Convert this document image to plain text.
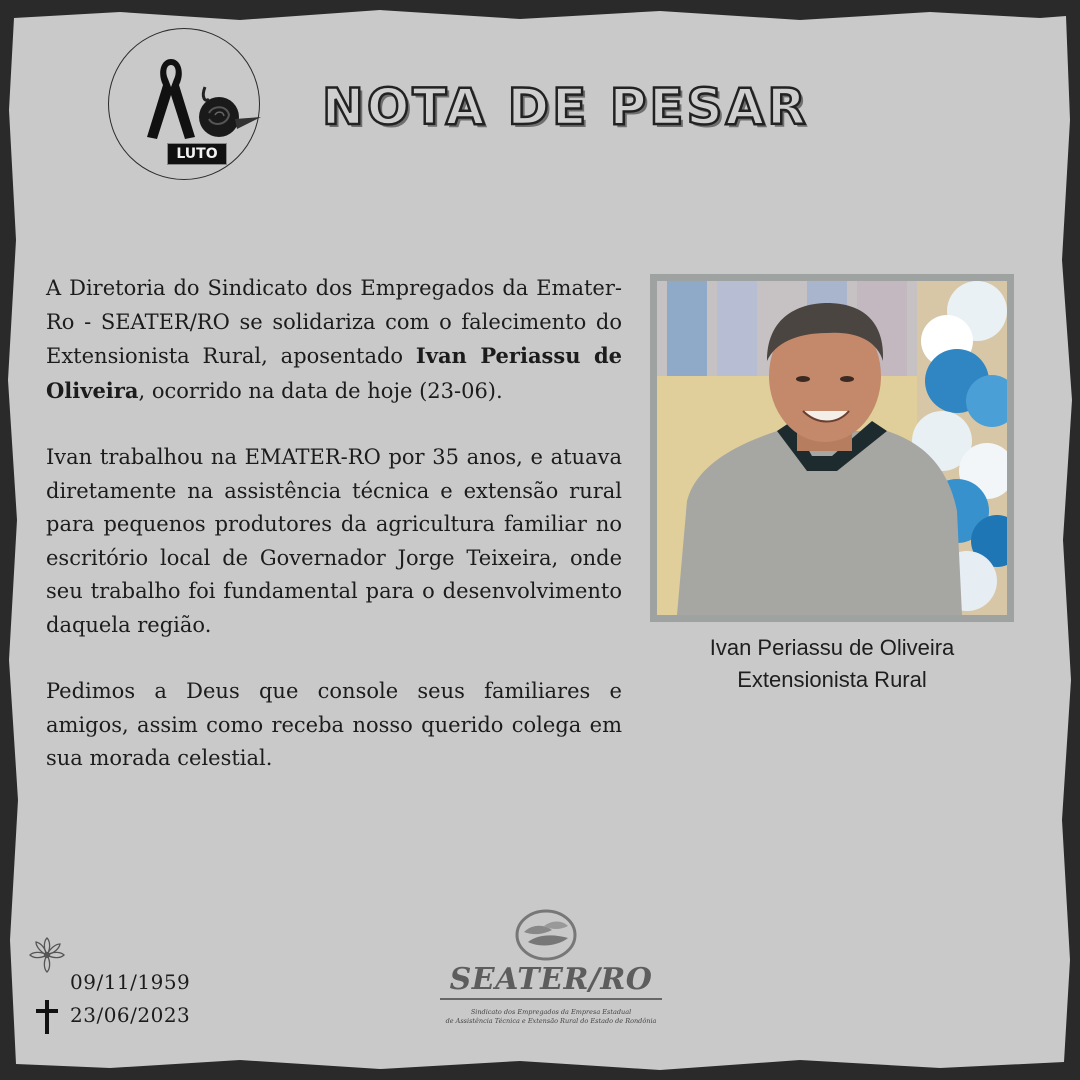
LUTO
NOTA DE PESAR

A Diretoria do Sindicato dos Empregados da Emater-Ro - SEATER/RO se solidariza com o falecimento do Extensionista Rural, aposentado Ivan Periassu de Oliveira, ocorrido na data de hoje (23-06).

Ivan trabalhou na EMATER-RO por 35 anos, e atuava diretamente na assistência técnica e extensão rural para pequenos produtores da agricultura familiar no escritório local de Governador Jorge Teixeira, onde seu trabalho foi fundamental para o desenvolvimento daquela região.

Pedimos a Deus que console seus familiares e amigos, assim como receba nosso querido colega em sua morada celestial.

Ivan Periassu de Oliveira
Extensionista Rural
09/11/1959
23/06/2023
SEATER/RO
Sindicato dos Empregados da Empresa Estadual
de Assistência Técnica e Extensão Rural do Estado de Rondônia
